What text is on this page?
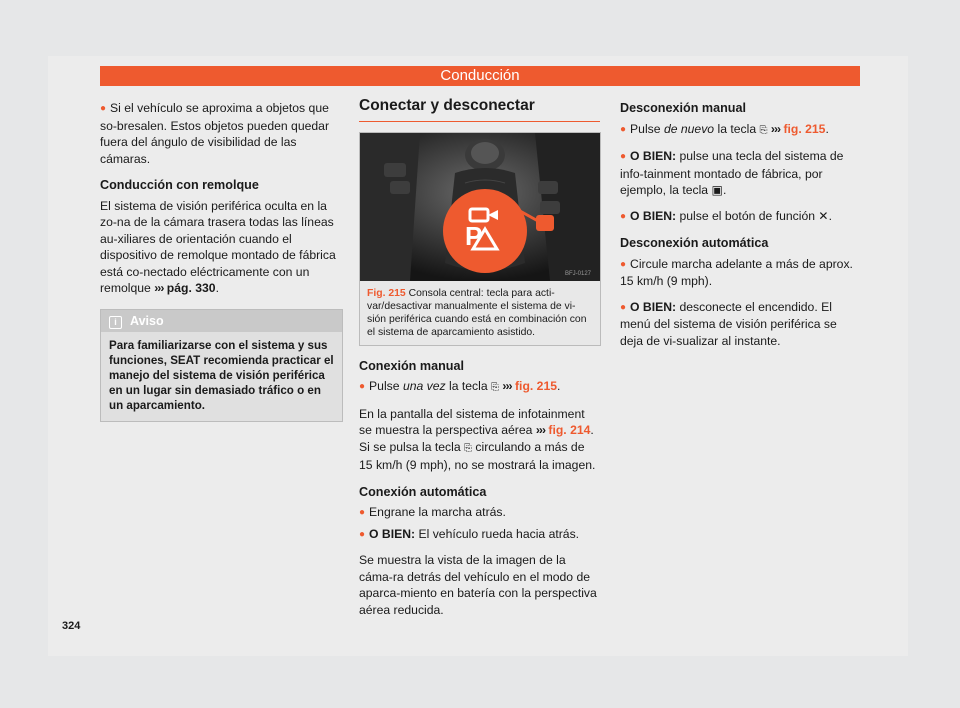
Conducción

● Si el vehículo se aproxima a objetos que so-bresalen. Estos objetos pueden quedar fuera del ángulo de visibilidad de las cámaras.

Conducción con remolque

El sistema de visión periférica oculta en la zo-na de la cámara trasera todas las líneas au-xiliares de orientación cuando el dispositivo de remolque montado de fábrica está co-nectado eléctricamente con un remolque ››› pág. 330.

i Aviso
Para familiarizarse con el sistema y sus funciones, SEAT recomienda practicar el manejo del sistema de visión periférica en un lugar sin demasiado tráfico o en un aparcamiento.
Conectar y desconectar
P
BFJ-0127
Fig. 215 Consola central: tecla para acti-var/desactivar manualmente el sistema de vi-sión periférica cuando está en combinación con el sistema de aparcamiento asistido.
Conexión manual

● Pulse una vez la tecla ⎘ ››› fig. 215.

En la pantalla del sistema de infotainment se muestra la perspectiva aérea ››› fig. 214. Si se pulsa la tecla ⎘ circulando a más de 15 km/h (9 mph), no se mostrará la imagen.

Conexión automática

● Engrane la marcha atrás.

● O BIEN: El vehículo rueda hacia atrás.

Se muestra la vista de la imagen de la cáma-ra detrás del vehículo en el modo de aparca-miento en batería con la perspectiva aérea reducida.

Desconexión manual

● Pulse de nuevo la tecla ⎘ ››› fig. 215.

● O BIEN: pulse una tecla del sistema de info-tainment montado de fábrica, por ejemplo, la tecla ▣.

● O BIEN: pulse el botón de función ✕.

Desconexión automática

● Circule marcha adelante a más de aprox. 15 km/h (9 mph).

● O BIEN: desconecte el encendido. El menú del sistema de visión periférica se deja de vi-sualizar al instante.

324
